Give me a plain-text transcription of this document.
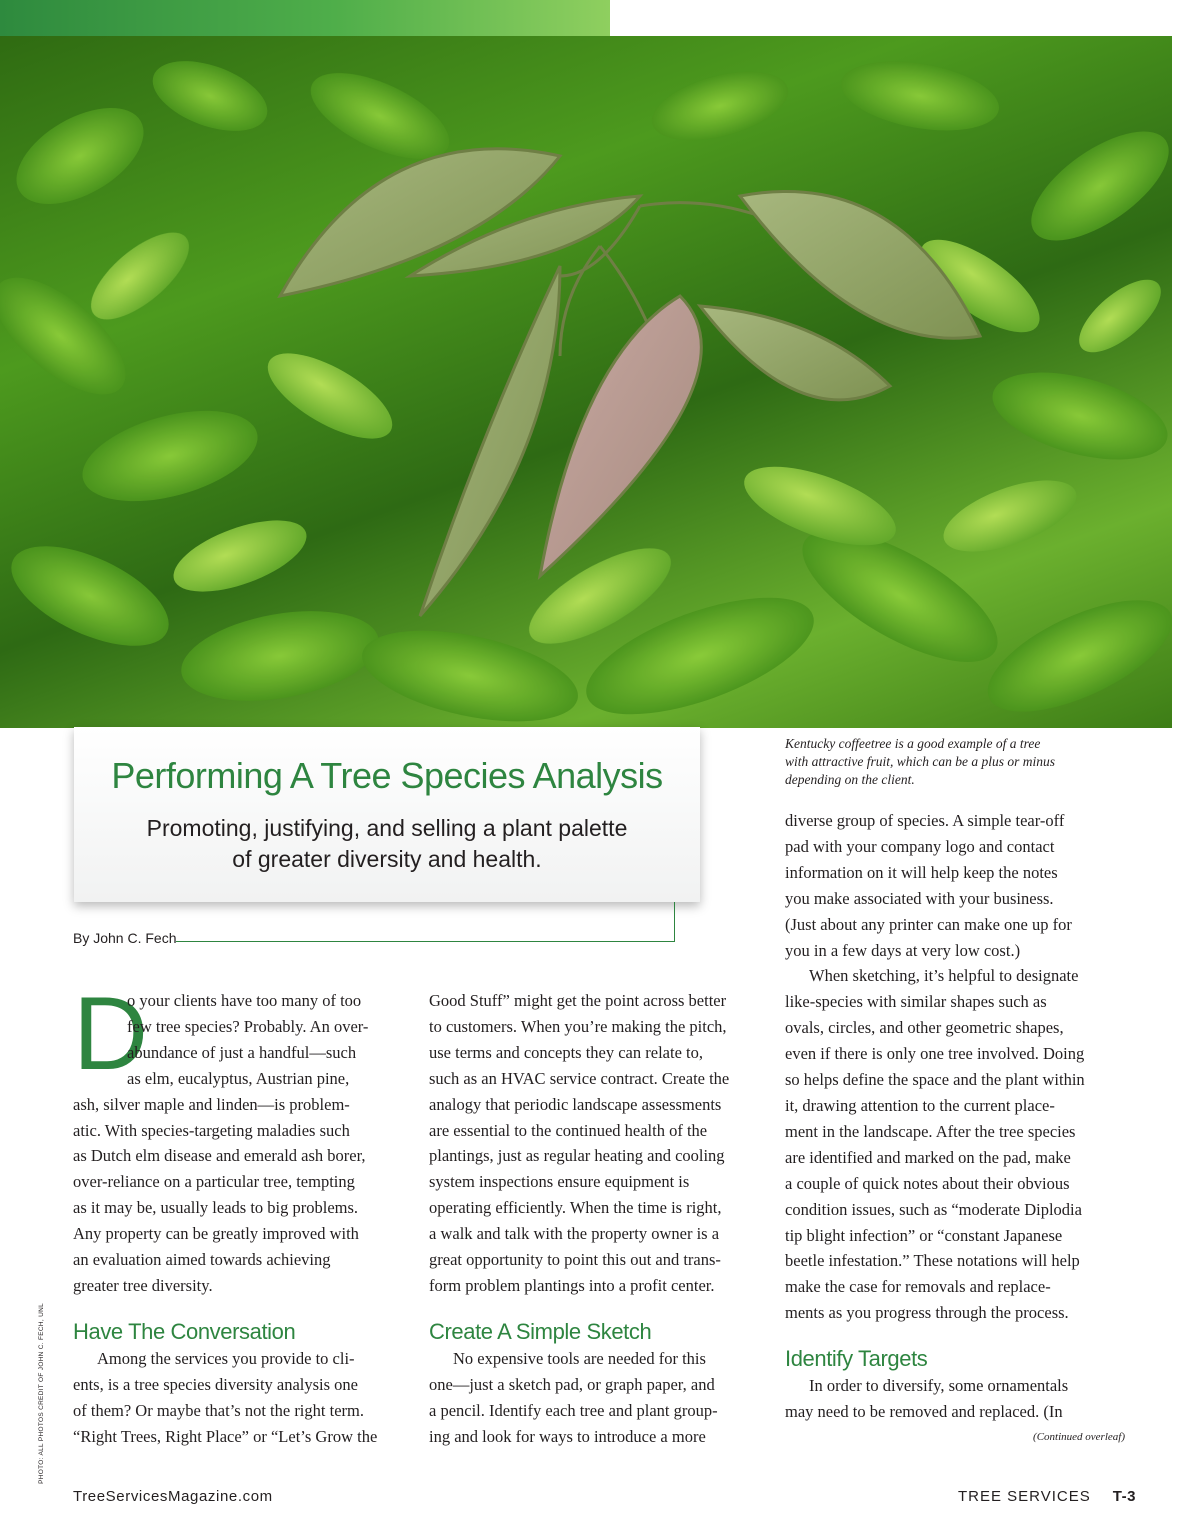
PHOTO: ALL PHOTOS CREDIT OF JOHN C. FECH, UNL
Performing A Tree Species Analysis
Promoting, justifying, and selling a plant palette
of greater diversity and health.
By John C. Fech
Kentucky coffeetree is a good example of a tree
with attractive fruit, which can be a plus or minus
depending on the client.

D
o your clients have too many of too
few tree species? Probably. An over-
abundance of just a handful—such
as elm, eucalyptus, Austrian pine,
ash, silver maple and linden—is problem-
atic. With species-targeting maladies such
as Dutch elm disease and emerald ash borer,
over-reliance on a particular tree, tempting
as it may be, usually leads to big problems.
Any property can be greatly improved with
an evaluation aimed towards achieving
greater tree diversity.

Have The Conversation

Among the services you provide to cli-
ents, is a tree species diversity analysis one
of them? Or maybe that’s not the right term.
“Right Trees, Right Place” or “Let’s Grow the

Good Stuff” might get the point across better
to customers. When you’re making the pitch,
use terms and concepts they can relate to,
such as an HVAC service contract. Create the
analogy that periodic landscape assessments
are essential to the continued health of the
plantings, just as regular heating and cooling
system inspections ensure equipment is
operating efficiently. When the time is right,
a walk and talk with the property owner is a
great opportunity to point this out and trans-
form problem plantings into a profit center.

Create A Simple Sketch

No expensive tools are needed for this
one—just a sketch pad, or graph paper, and
a pencil. Identify each tree and plant group-
ing and look for ways to introduce a more

diverse group of species. A simple tear-off
pad with your company logo and contact
information on it will help keep the notes
you make associated with your business.
(Just about any printer can make one up for
you in a few days at very low cost.)

When sketching, it’s helpful to designate
like-species with similar shapes such as
ovals, circles, and other geometric shapes,
even if there is only one tree involved. Doing
so helps define the space and the plant within
it, drawing attention to the current place-
ment in the landscape. After the tree species
are identified and marked on the pad, make
a couple of quick notes about their obvious
condition issues, such as “moderate Diplodia
tip blight infection” or “constant Japanese
beetle infestation.” These notations will help
make the case for removals and replace-
ments as you progress through the process.

Identify Targets

In order to diversify, some ornamentals
may need to be removed and replaced. (In

(Continued overleaf)
TreeServicesMagazine.com	TREE SERVICES T-3
